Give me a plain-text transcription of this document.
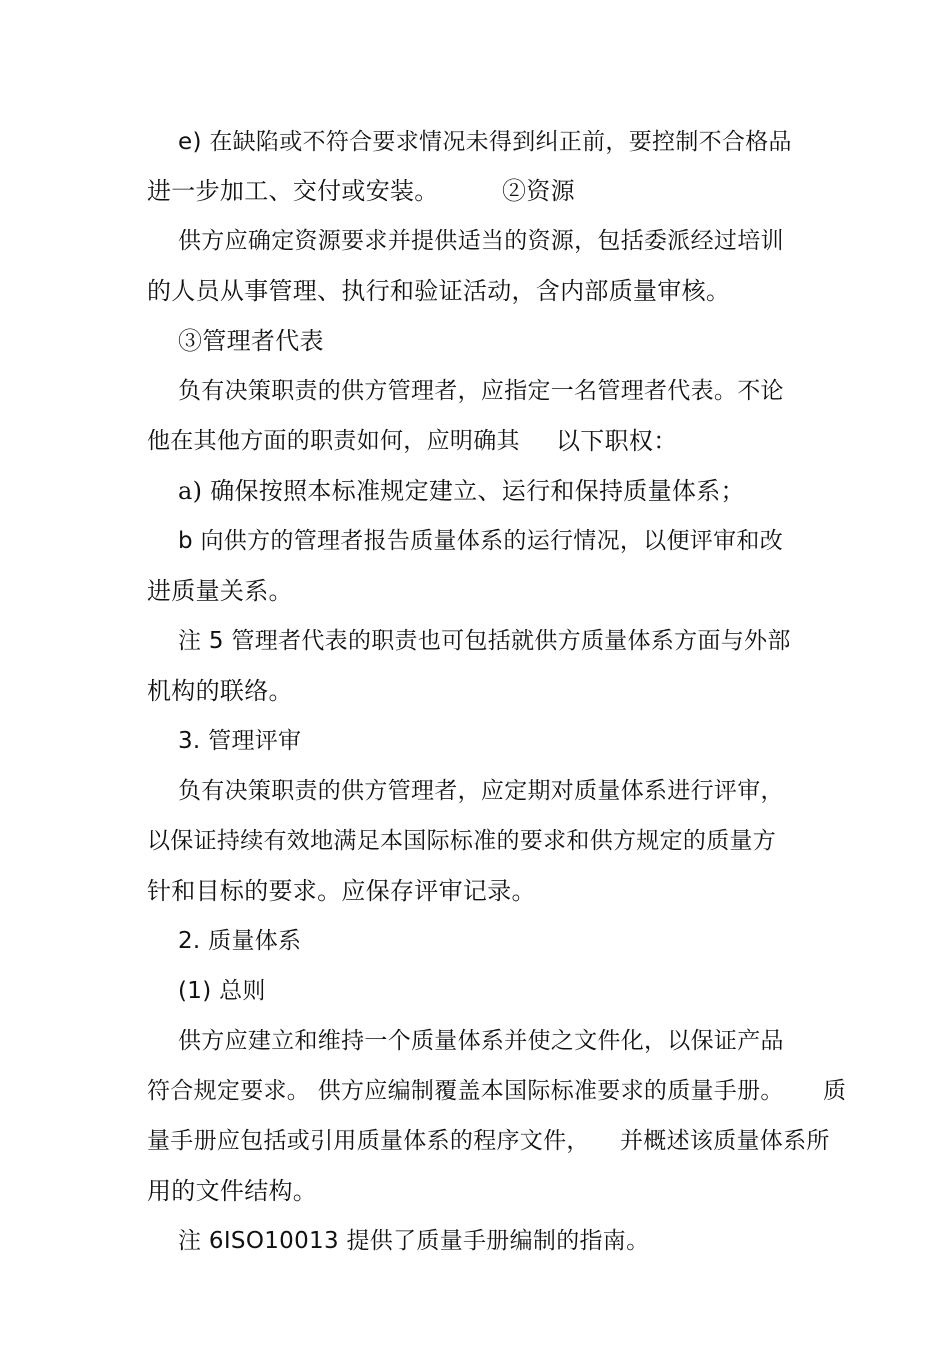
e) 在缺陷或不符合要求情况未得到纠正前，要控制不合格品
进一步加工、交付或安装。	②资源
供方应确定资源要求并提供适当的资源，包括委派经过培训
的人员从事管理、执行和验证活动，含内部质量审核。
③管理者代表
负有决策职责的供方管理者，应指定一名管理者代表。不论
他在其他方面的职责如何，应明确其 以下职权：
a) 确保按照本标准规定建立、运行和保持质量体系；
b 向供方的管理者报告质量体系的运行情况，以便评审和改
进质量关系。
注 5 管理者代表的职责也可包括就供方质量体系方面与外部
机构的联络。
3. 管理评审
负有决策职责的供方管理者，应定期对质量体系进行评审，
以保证持续有效地满足本国际标准的要求和供方规定的质量方
针和目标的要求。应保存评审记录。
2. 质量体系
(1) 总则
供方应建立和维持一个质量体系并使之文件化，以保证产品
符合规定要求。 供方应编制覆盖本国际标准要求的质量手册。 质
量手册应包括或引用质量体系的程序文件， 并概述该质量体系所
用的文件结构。
注 6ISO10013 提供了质量手册编制的指南。
